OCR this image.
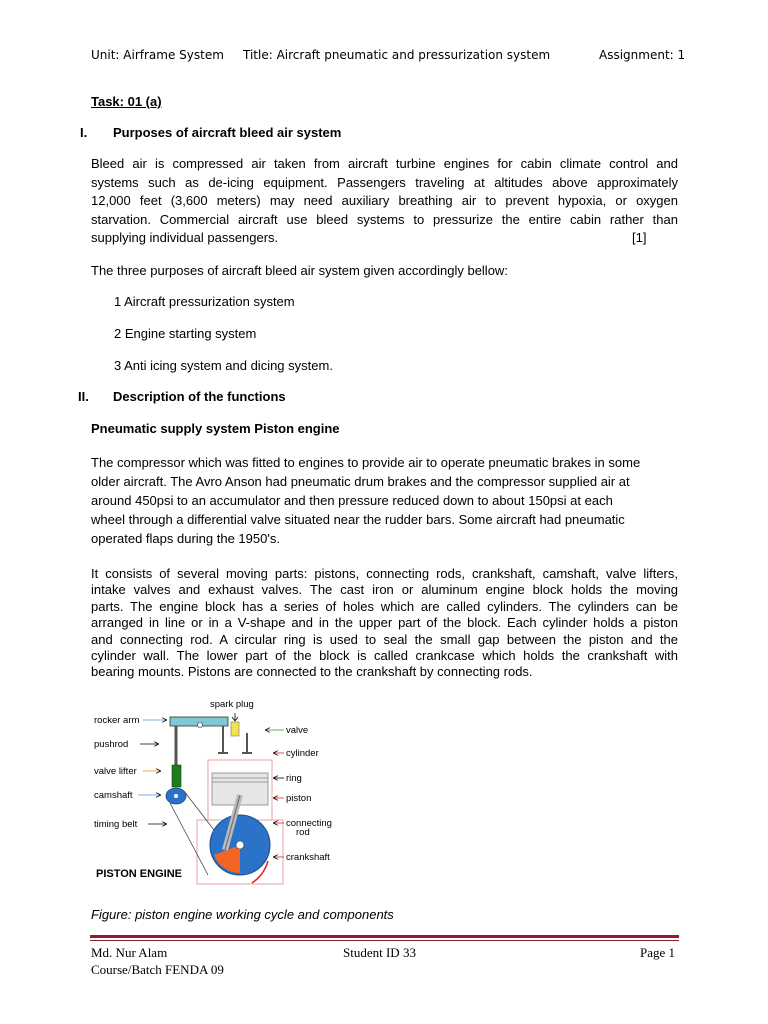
Unit: Airframe System Title: Aircraft pneumatic and pressurization system	Assignment: 1
Task: 01 (a)
I. Purposes of aircraft bleed air system
Bleed air is compressed air taken from aircraft turbine engines for cabin climate control and
systems such as de-icing equipment. Passengers traveling at altitudes above approximately
12,000 feet (3,600 meters) may need auxiliary breathing air to prevent hypoxia, or oxygen
starvation. Commercial aircraft use bleed systems to pressurize the entire cabin rather than
supplying individual passengers.	[1]
The three purposes of aircraft bleed air system given accordingly bellow:
1 Aircraft pressurization system
2 Engine starting system
3 Anti icing system and dicing system.
II. Description of the functions
Pneumatic supply system Piston engine
The compressor which was fitted to engines to provide air to operate pneumatic brakes in some
older aircraft. The Avro Anson had pneumatic drum brakes and the compressor supplied air at
around 450psi to an accumulator and then pressure reduced down to about 150psi at each
wheel through a differential valve situated near the rudder bars. Some aircraft had pneumatic
operated flaps during the 1950's.
It consists of several moving parts: pistons, connecting rods, crankshaft, camshaft, valve lifters,
intake valves and exhaust valves. The cast iron or aluminum engine block holds the moving
parts. The engine block has a series of holes which are called cylinders. The cylinders can be
arranged in line or in a V-shape and in the upper part of the block. Each cylinder holds a piston
and connecting rod. A circular ring is used to seal the small gap between the piston and the
cylinder wall. The lower part of the block is called crankcase which holds the crankshaft with
bearing mounts. Pistons are connected to the crankshaft by connecting rods.
rocker arm
pushrod
valve lifter
camshaft
timing belt
spark plug
valve
cylinder
ring
piston
connecting
rod
crankshaft
PISTON ENGINE
Figure: piston engine working cycle and components
Md. Nur Alam
Course/Batch FENDA 09
Student ID 33	Page 1
